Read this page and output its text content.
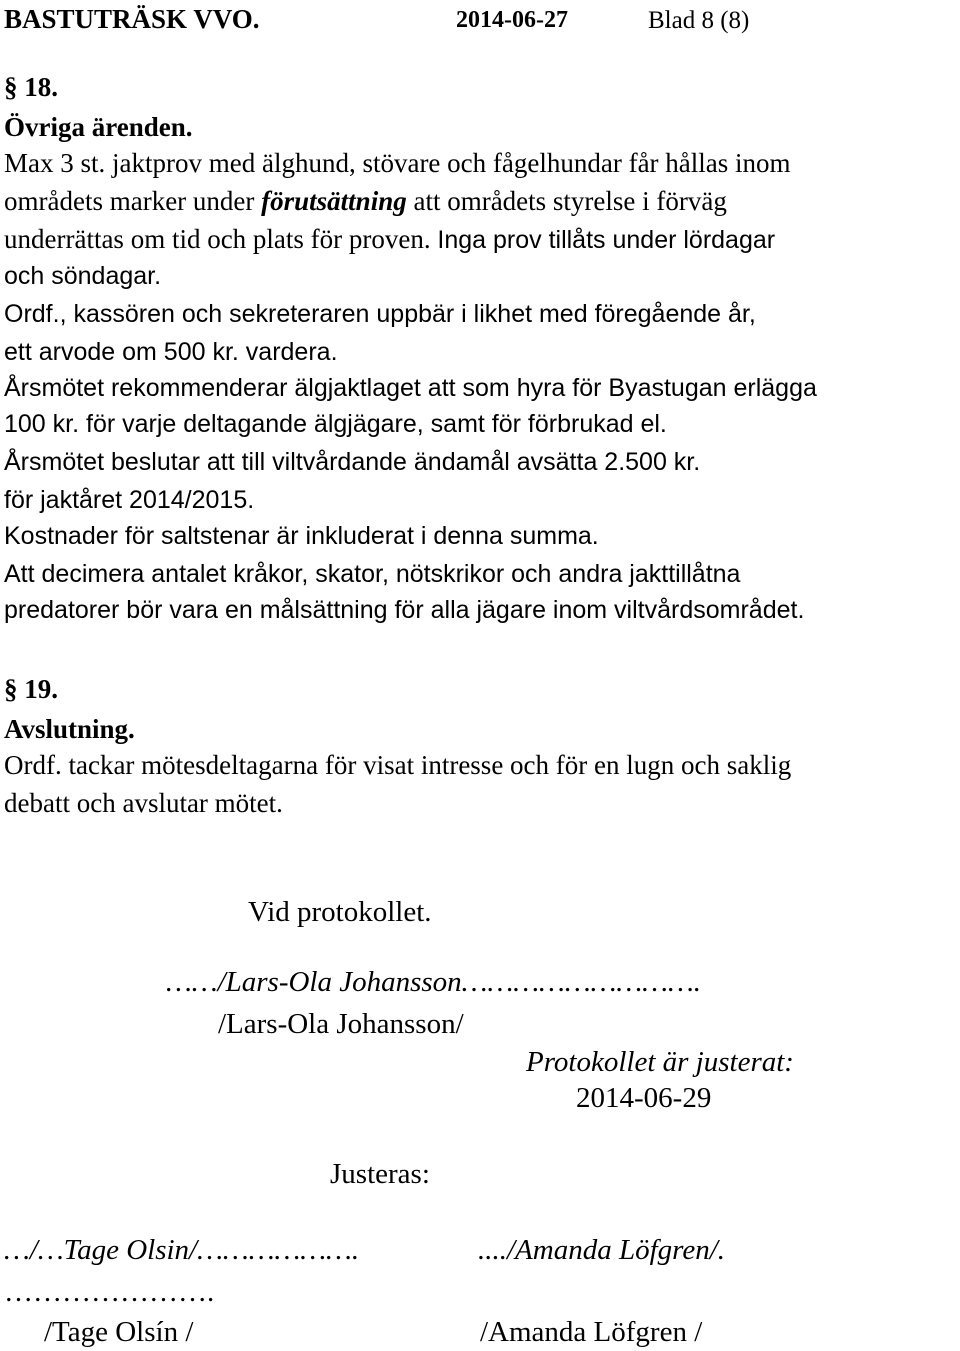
BASTUTRÄSK VVO.	2014-06-27	Blad 8 (8)
§ 18.
Övriga ärenden.
Max 3 st. jaktprov med älghund, stövare och fågelhundar får hållas inom
områdets marker under förutsättning att områdets styrelse i förväg
underrättas om tid och plats för proven. Inga prov tillåts under lördagar
och söndagar.
Ordf., kassören och sekreteraren uppbär i likhet med föregående år,
ett arvode om 500 kr. vardera.
Årsmötet rekommenderar älgjaktlaget att som hyra för Byastugan erlägga
100 kr. för varje deltagande älgjägare, samt för förbrukad el.
Årsmötet beslutar att till viltvårdande ändamål avsätta 2.500 kr.
för jaktåret 2014/2015.
Kostnader för saltstenar är inkluderat i denna summa.
Att decimera antalet kråkor, skator, nötskrikor och andra jakttillåtna
predatorer bör vara en målsättning för alla jägare inom viltvårdsområdet.
§ 19.
Avslutning.
Ordf. tackar mötesdeltagarna för visat intresse och för en lugn och saklig
debatt och avslutar mötet.
Vid protokollet.
……/Lars-Ola Johansson……………………….
/Lars-Ola Johansson/
Protokollet är justerat:
2014-06-29
Justeras:
…/…Tage Olsin/……………….	..../Amanda Löfgren/.
………………….
/Tage Olsín /	/Amanda Löfgren /
